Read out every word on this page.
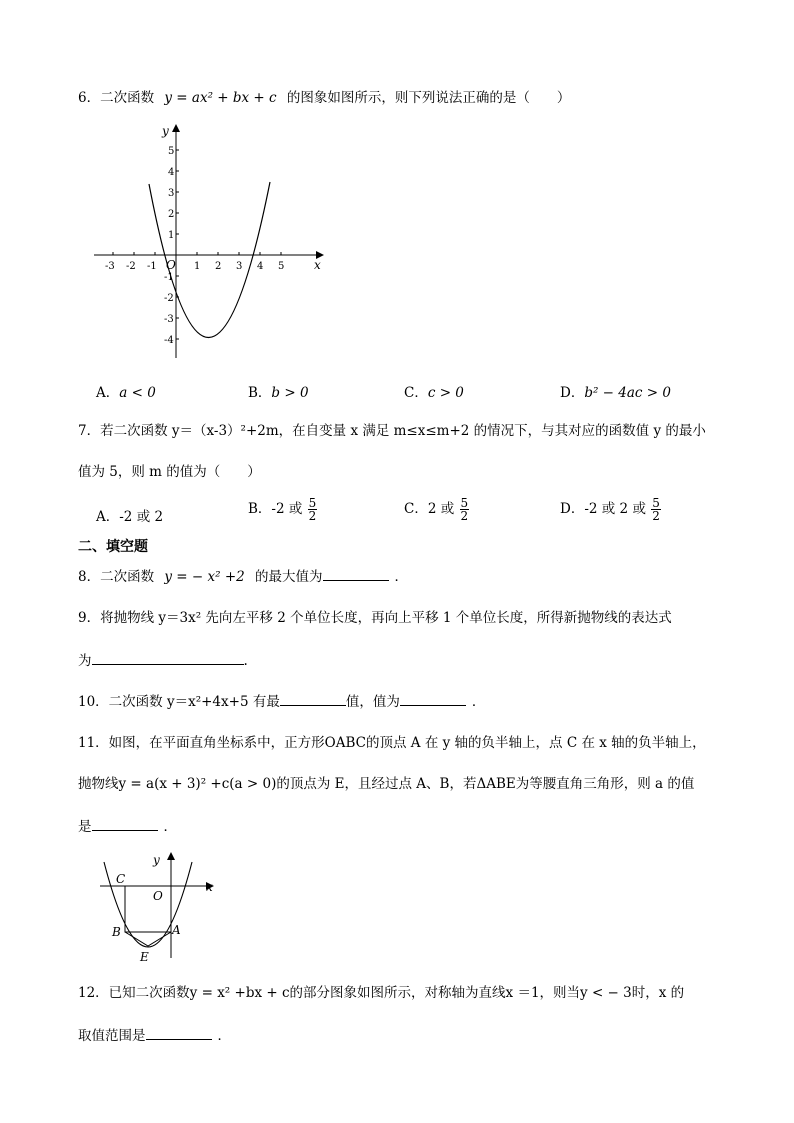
6．二次函数 y = ax² + bx + c 的图象如图所示，则下列说法正确的是（　　）
x
y
O
-3 -2 -1	1 2 3 4 5
5
4
3
2
1
-1
-2
-3
-4
A．a < 0	B．b > 0	C．c > 0	D．b² − 4ac > 0
7．若二次函数 y＝（x-3）²+2m，在自变量 x 满足 m≤x≤m+2 的情况下，与其对应的函数值 y 的最小
值为 5，则 m 的值为（　　）
A．-2 或 2	B．-2 或 $\frac{5}{2}$	C．2 或 $\frac{5}{2}$	D．-2 或 2 或 $\frac{5}{2}$
二、填空题
8．二次函数 y = − x² +2 的最大值为	．
9．将抛物线 y＝3x² 先向左平移 2 个单位长度，再向上平移 1 个单位长度，所得新抛物线的表达式
为	.
10．二次函数 y＝x²+4x+5 有最	值，值为	．
11．如图，在平面直角坐标系中，正方形OABC的顶点 A 在 y 轴的负半轴上，点 C 在 x 轴的负半轴上，
抛物线y = a(x + 3)² +c(a > 0)的顶点为 E，且经过点 A、B，若ΔABE为等腰直角三角形，则 a 的值
是	．
x
y
O
C
B	A
E
12．已知二次函数y = x² +bx + c的部分图象如图所示，对称轴为直线x ＝1，则当y < − 3时，x 的
取值范围是	．
